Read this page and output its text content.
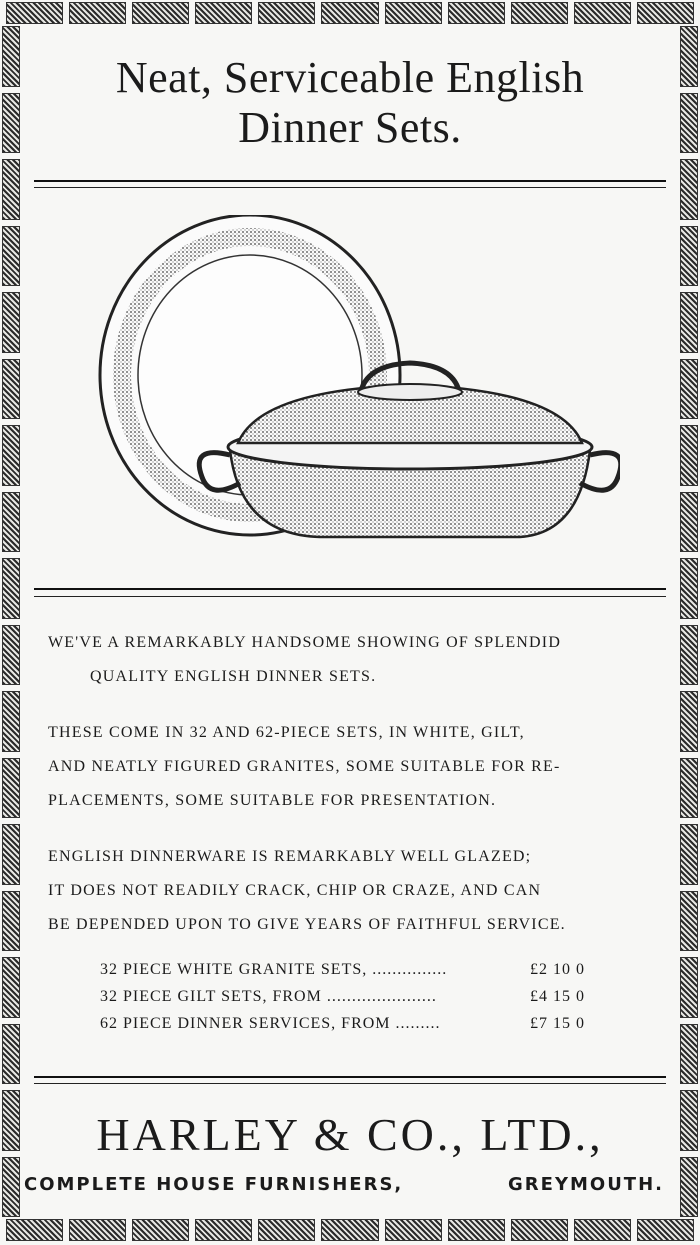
Neat, Serviceable English
Dinner Sets.
WE'VE A REMARKABLY HANDSOME SHOWING OF SPLENDID
QUALITY ENGLISH DINNER SETS.
THESE COME IN 32 AND 62-PIECE SETS, IN WHITE, GILT,
AND NEATLY FIGURED GRANITES, SOME SUITABLE FOR RE-
PLACEMENTS, SOME SUITABLE FOR PRESENTATION.
ENGLISH DINNERWARE IS REMARKABLY WELL GLAZED;
IT DOES NOT READILY CRACK, CHIP OR CRAZE, AND CAN
BE DEPENDED UPON TO GIVE YEARS OF FAITHFUL SERVICE.
32 PIECE WHITE GRANITE SETS, ...............	£2 10 0
32 PIECE GILT SETS, FROM ......................	£4 15 0
62 PIECE DINNER SERVICES, FROM .........	£7 15 0
HARLEY & CO., LTD.,
COMPLETE HOUSE FURNISHERS,	GREYMOUTH.
